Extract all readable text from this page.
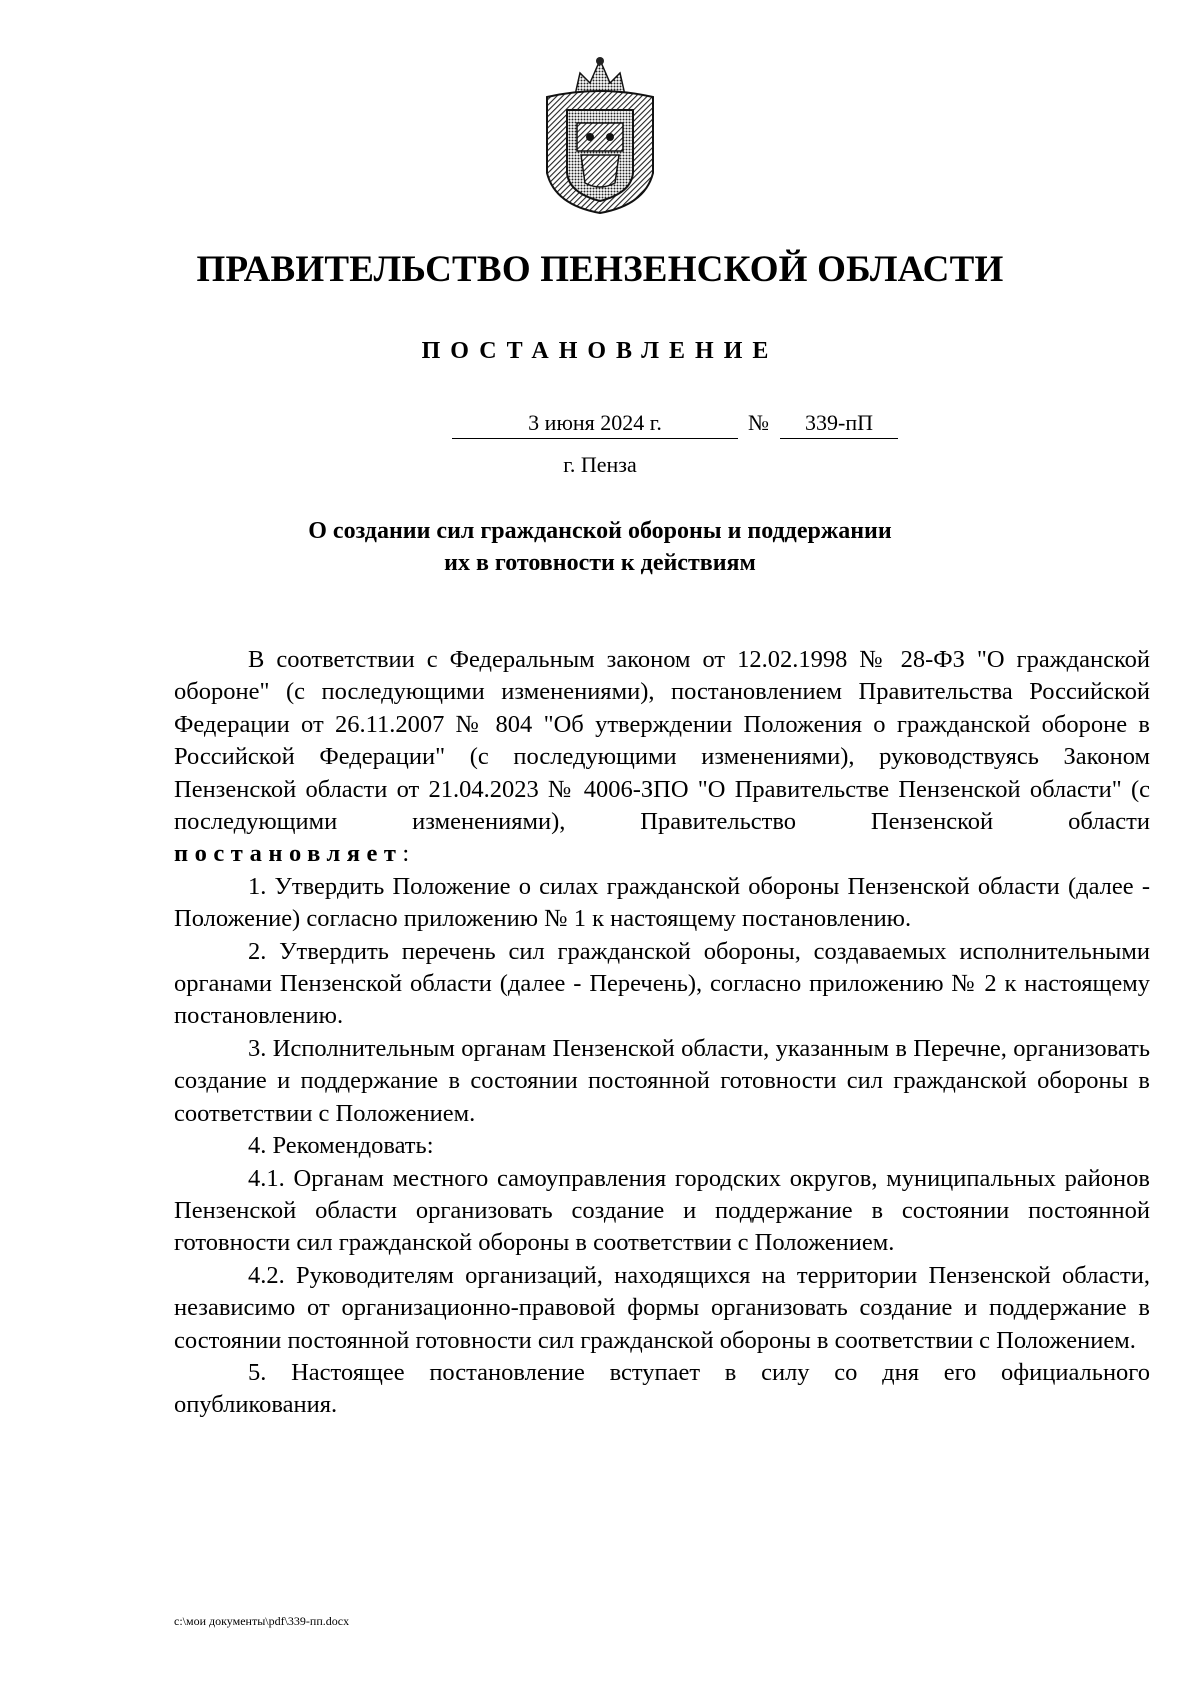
ПРАВИТЕЛЬСТВО ПЕНЗЕНСКОЙ ОБЛАСТИ
ПОСТАНОВЛЕНИЕ
3 июня 2024 г.	№	339-пП
г. Пенза
О создании сил гражданской обороны и поддержании
их в готовности к действиям

В соответствии с Федеральным законом от 12.02.1998 № 28-ФЗ "О гражданской обороне" (с последующими изменениями), постановлением Правительства Российской Федерации от 26.11.2007 № 804 "Об утверждении Положения о гражданской обороне в Российской Федерации" (с последующими изменениями), руководствуясь Законом Пензенской области от 21.04.2023 № 4006-ЗПО "О Правительстве Пензенской области" (с последующими изменениями), Правительство Пензенской области

постановляет:

1. Утвердить Положение о силах гражданской обороны Пензенской области (далее - Положение) согласно приложению № 1 к настоящему постановлению.

2. Утвердить перечень сил гражданской обороны, создаваемых исполнительными органами Пензенской области (далее - Перечень), согласно приложению № 2 к настоящему постановлению.

3. Исполнительным органам Пензенской области, указанным в Перечне, организовать создание и поддержание в состоянии постоянной готовности сил гражданской обороны в соответствии с Положением.

4. Рекомендовать:

4.1. Органам местного самоуправления городских округов, муниципальных районов Пензенской области организовать создание и поддержание в состоянии постоянной готовности сил гражданской обороны в соответствии с Положением.

4.2. Руководителям организаций, находящихся на территории Пензенской области, независимо от организационно-правовой формы организовать создание и поддержание в состоянии постоянной готовности сил гражданской обороны в соответствии с Положением.

5. Настоящее постановление вступает в силу со дня его официального опубликования.

c:\мои документы\pdf\339-пп.docx
